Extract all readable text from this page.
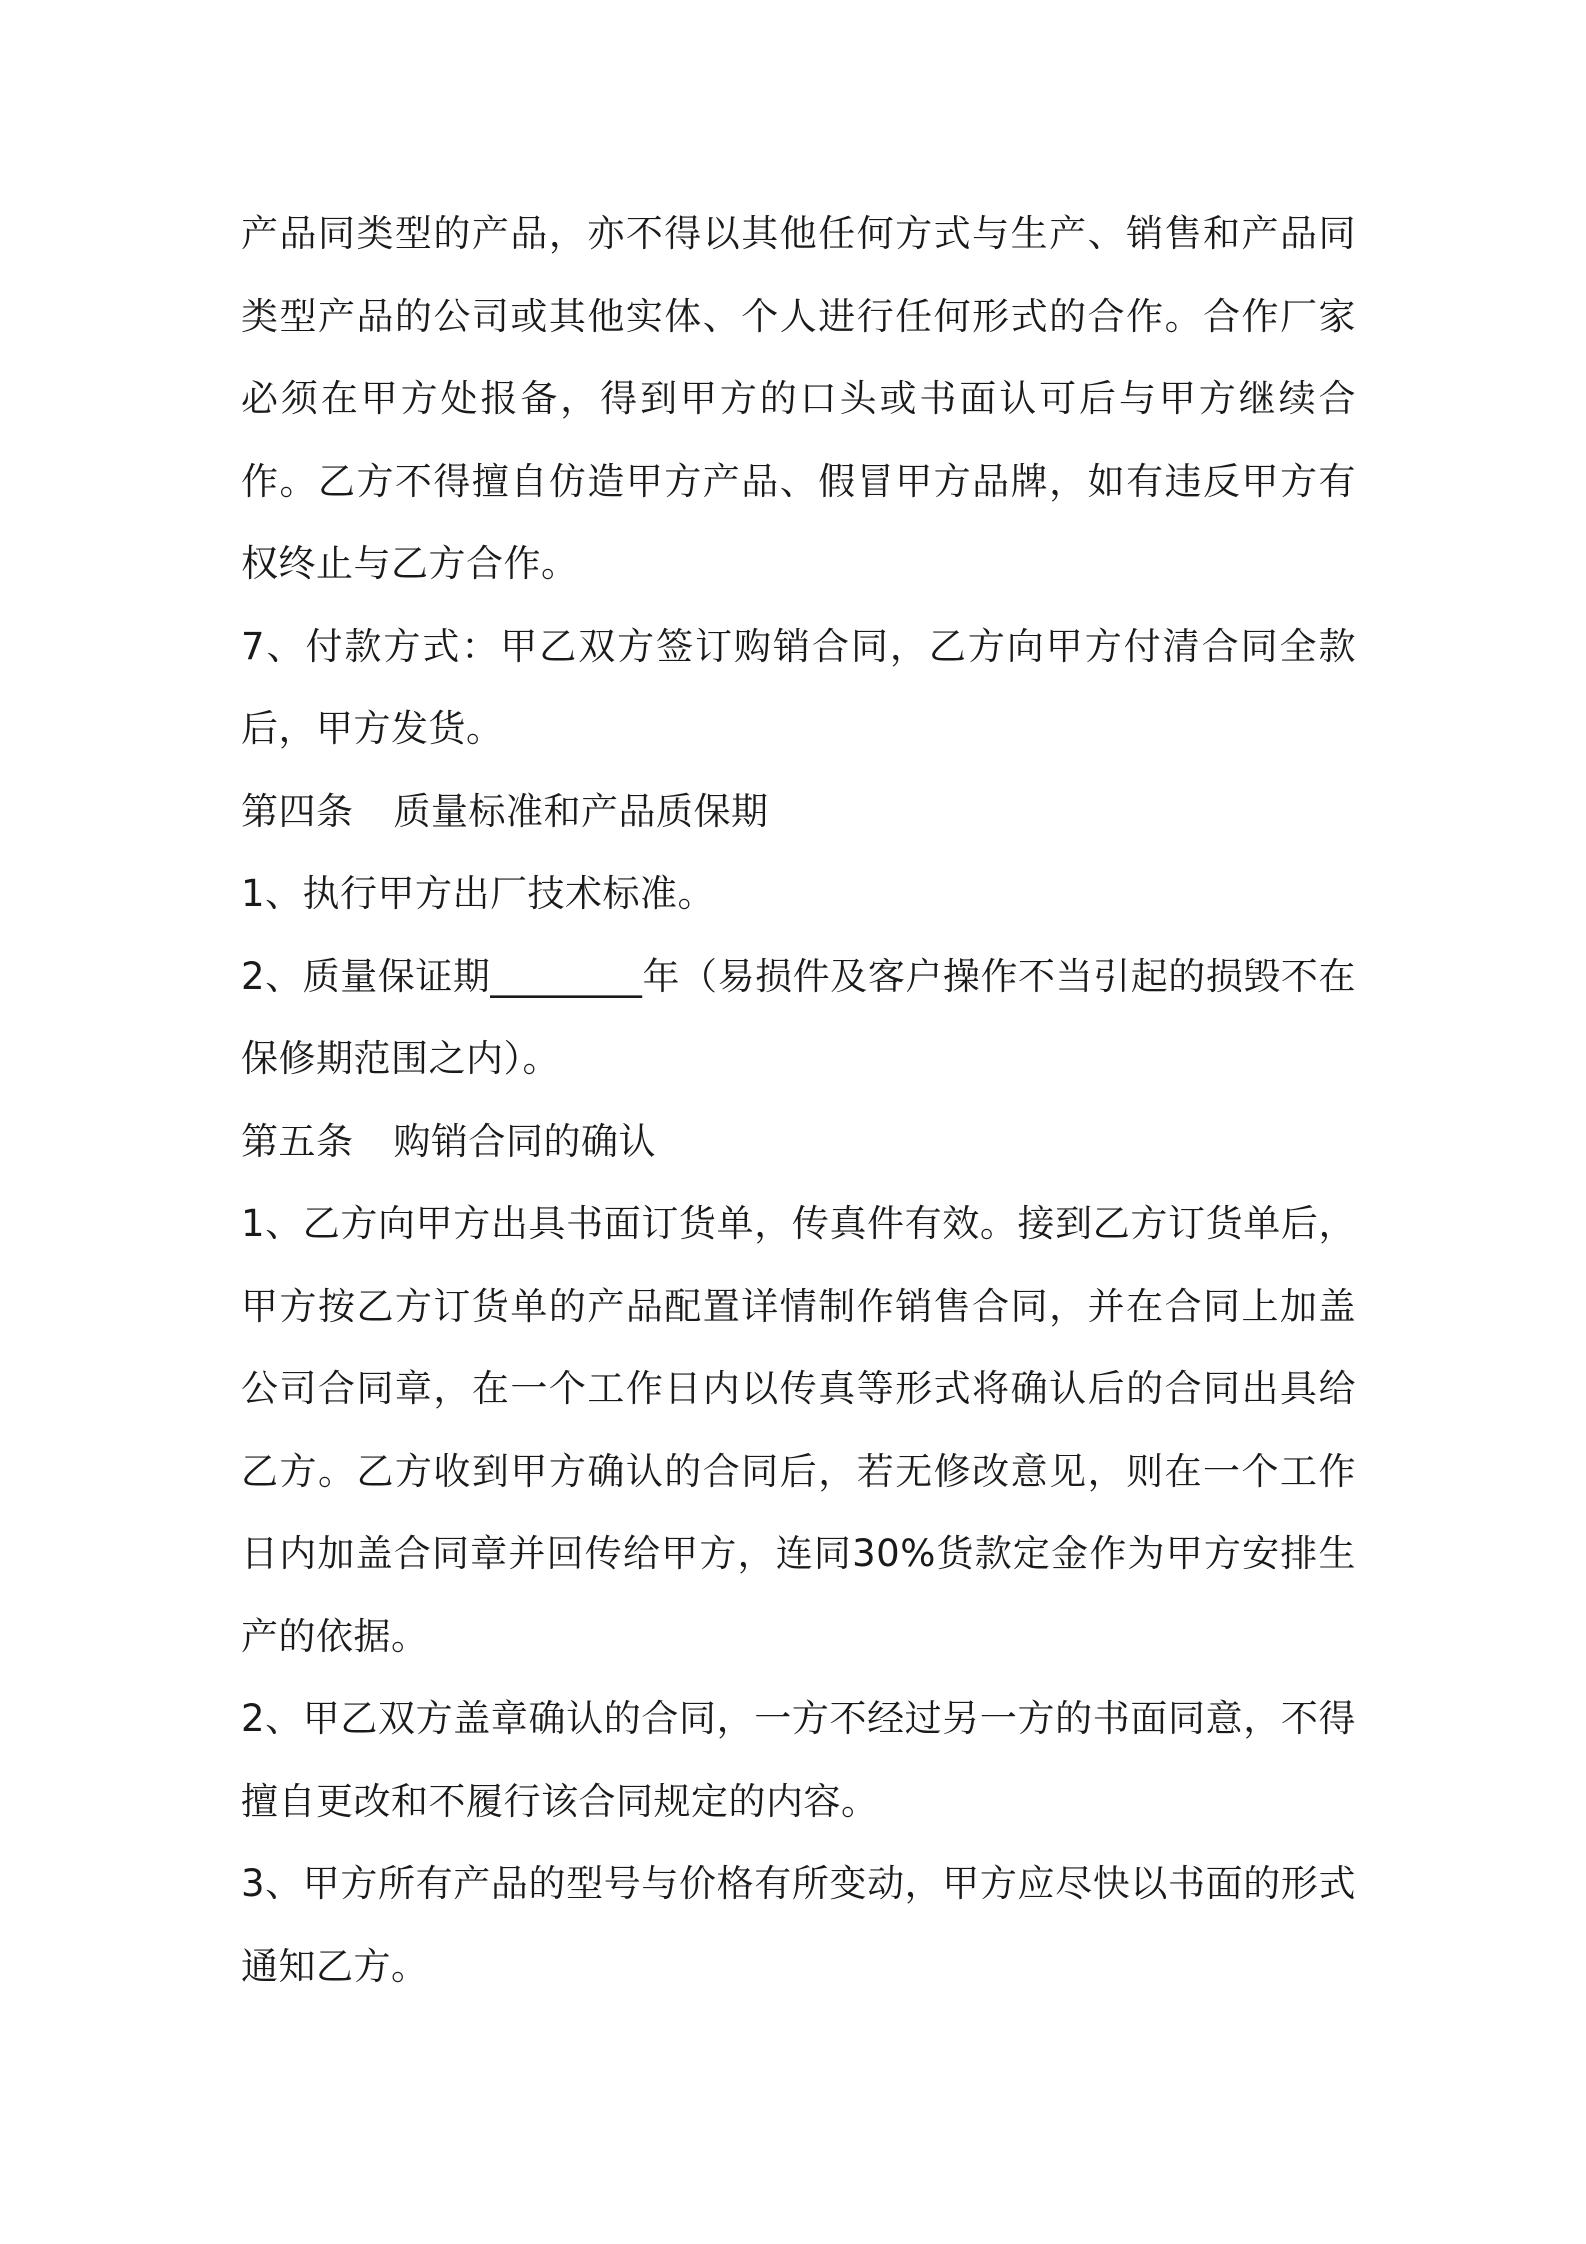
产品同类型的产品，亦不得以其他任何方式与生产、销售和产品同类型产品的公司或其他实体、个人进行任何形式的合作。合作厂家必须在甲方处报备，得到甲方的口头或书面认可后与甲方继续合作。乙方不得擅自仿造甲方产品、假冒甲方品牌，如有违反甲方有权终止与乙方合作。

7、付款方式：甲乙双方签订购销合同，乙方向甲方付清合同全款后，甲方发货。

第四条 质量标准和产品质保期

1、执行甲方出厂技术标准。

2、质量保证期________年（易损件及客户操作不当引起的损毁不在保修期范围之内）。

第五条 购销合同的确认

1、乙方向甲方出具书面订货单，传真件有效。接到乙方订货单后，甲方按乙方订货单的产品配置详情制作销售合同，并在合同上加盖公司合同章，在一个工作日内以传真等形式将确认后的合同出具给乙方。乙方收到甲方确认的合同后，若无修改意见，则在一个工作日内加盖合同章并回传给甲方，连同30%货款定金作为甲方安排生产的依据。

2、甲乙双方盖章确认的合同，一方不经过另一方的书面同意，不得擅自更改和不履行该合同规定的内容。

3、甲方所有产品的型号与价格有所变动，甲方应尽快以书面的形式通知乙方。
